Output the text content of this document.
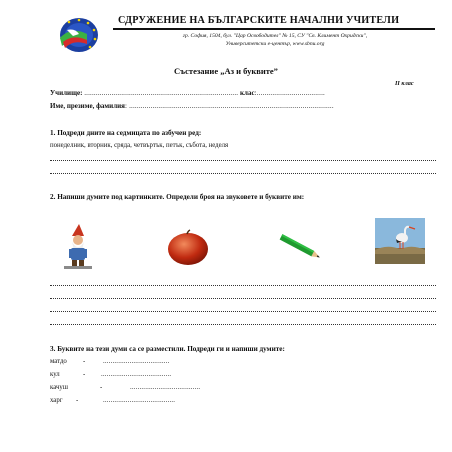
СДРУЖЕНИЕ НА БЪЛГАРСКИТЕ НАЧАЛНИ УЧИТЕЛИ
гр. София, 1504, бул. "Цар Освободител" № 15, СУ "Св. Климент Охридски",
Университетски е-център, www.sbnu.org
Състезание „Аз и буквите”
II клас
Училище: ............................................................................... клас:...................................
Име, презиме, фамилия: .........................................................................................................
1. Подреди дните на седмицата по азбучен ред:
понеделник, вторник, сряда, четвъртък, петък, събота, неделя
2. Напиши думите под картинките. Определи броя на звуковете и буквите им:
3. Буквите на тези думи са се разместили. Подреди ги и напиши думите:
матдо -	...................................
кул	- .....................................
качуш	-	.....................................
харг -	......................................
